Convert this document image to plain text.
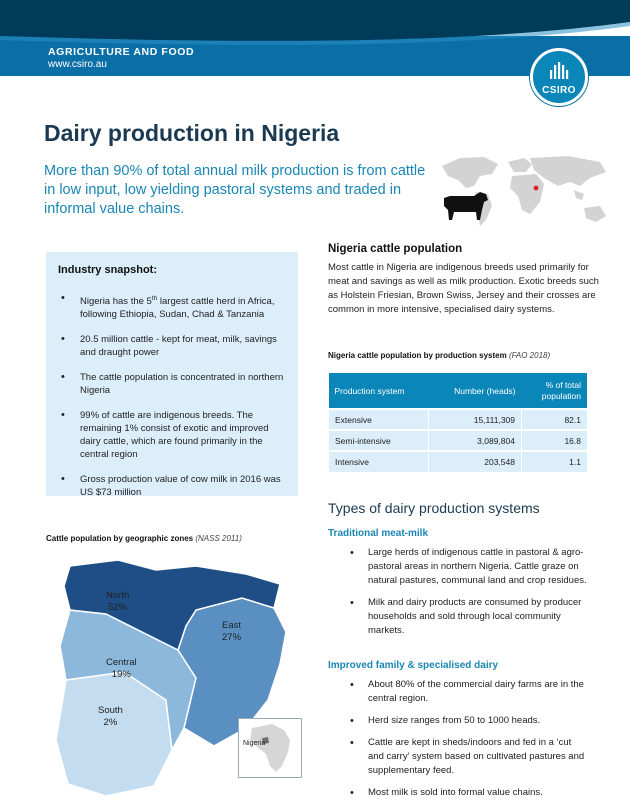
AGRICULTURE AND FOOD
www.csiro.au
CSIRO
Dairy production in Nigeria
More than 90% of total annual milk production is from cattle in low input, low yielding pastoral systems and traded in informal value chains.
Industry snapshot:
• Nigeria has the 5th largest cattle herd in Africa, following Ethiopia, Sudan, Chad & Tanzania
• 20.5 million cattle - kept for meat, milk, savings and draught power
• The cattle population is concentrated in northern Nigeria
• 99% of cattle are indigenous breeds. The remaining 1% consist of exotic and improved dairy cattle, which are found primarily in the central region
• Gross production value of cow milk in 2016 was US $73 million
Cattle population by geographic zones (NASS 2011)
North
52%
East
27%
Central
19%
South
2%
Nigeria
Nigeria cattle population
Most cattle in Nigeria are indigenous breeds used primarily for meat and savings as well as milk production. Exotic breeds such as Holstein Friesian, Brown Swiss, Jersey and their crosses are common in more intensive, specialised dairy systems.
Nigeria cattle population by production system (FAO 2018)
Production system	Number (heads)	% of total population
Extensive	15,111,309	82.1
Semi-intensive	3,089,804	16.8
Intensive	203,548	1.1
Types of dairy production systems
Traditional meat-milk
• Large herds of indigenous cattle in pastoral & agro-pastoral areas in northern Nigeria. Cattle graze on natural pastures, communal land and crop residues.
• Milk and dairy products are consumed by producer households and sold through local community markets.
Improved family & specialised dairy
• About 80% of the commercial dairy farms are in the central region.
• Herd size ranges from 50 to 1000 heads.
• Cattle are kept in sheds/indoors and fed in a ‘cut and carry’ system based on cultivated pastures and supplementary feed.
• Most milk is sold into formal value chains.
